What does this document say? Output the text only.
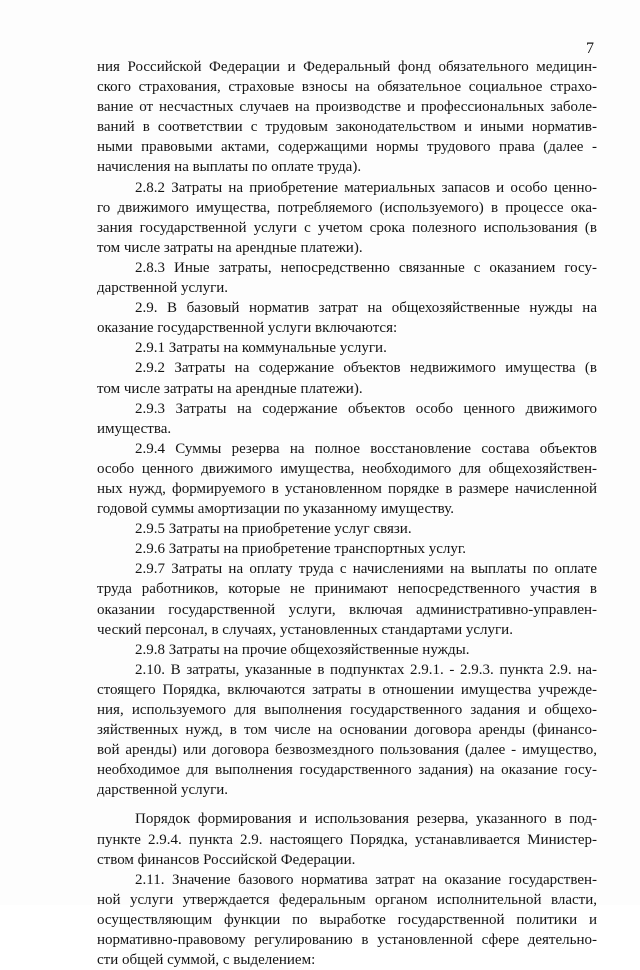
7
ния Российской Федерации и Федеральный фонд обязательного медицин-
ского страхования, страховые взносы на обязательное социальное страхо-
вание от несчастных случаев на производстве и профессиональных заболе-
ваний в соответствии с трудовым законодательством и иными норматив-
ными правовыми актами, содержащими нормы трудового права (далее -
начисления на выплаты по оплате труда).
2.8.2 Затраты на приобретение материальных запасов и особо ценно-
го движимого имущества, потребляемого (используемого) в процессе ока-
зания государственной услуги с учетом срока полезного использования (в
том числе затраты на арендные платежи).
2.8.3 Иные затраты, непосредственно связанные с оказанием госу-
дарственной услуги.
2.9. В базовый норматив затрат на общехозяйственные нужды на
оказание государственной услуги включаются:
2.9.1 Затраты на коммунальные услуги.
2.9.2 Затраты на содержание объектов недвижимого имущества (в
том числе затраты на арендные платежи).
2.9.3 Затраты на содержание объектов особо ценного движимого
имущества.
2.9.4 Суммы резерва на полное восстановление состава объектов
особо ценного движимого имущества, необходимого для общехозяйствен-
ных нужд, формируемого в установленном порядке в размере начисленной
годовой суммы амортизации по указанному имуществу.
2.9.5 Затраты на приобретение услуг связи.
2.9.6 Затраты на приобретение транспортных услуг.
2.9.7 Затраты на оплату труда с начислениями на выплаты по оплате
труда работников, которые не принимают непосредственного участия в
оказании государственной услуги, включая административно-управлен-
ческий персонал, в случаях, установленных стандартами услуги.
2.9.8 Затраты на прочие общехозяйственные нужды.
2.10. В затраты, указанные в подпунктах 2.9.1. - 2.9.3. пункта 2.9. на-
стоящего Порядка, включаются затраты в отношении имущества учрежде-
ния, используемого для выполнения государственного задания и общехо-
зяйственных нужд, в том числе на основании договора аренды (финансо-
вой аренды) или договора безвозмездного пользования (далее - имущество,
необходимое для выполнения государственного задания) на оказание госу-
дарственной услуги.
Порядок формирования и использования резерва, указанного в под-
пункте 2.9.4. пункта 2.9. настоящего Порядка, устанавливается Министер-
ством финансов Российской Федерации.
2.11. Значение базового норматива затрат на оказание государствен-
ной услуги утверждается федеральным органом исполнительной власти,
осуществляющим функции по выработке государственной политики и
нормативно-правовому регулированию в установленной сфере деятельно-
сти общей суммой, с выделением:
